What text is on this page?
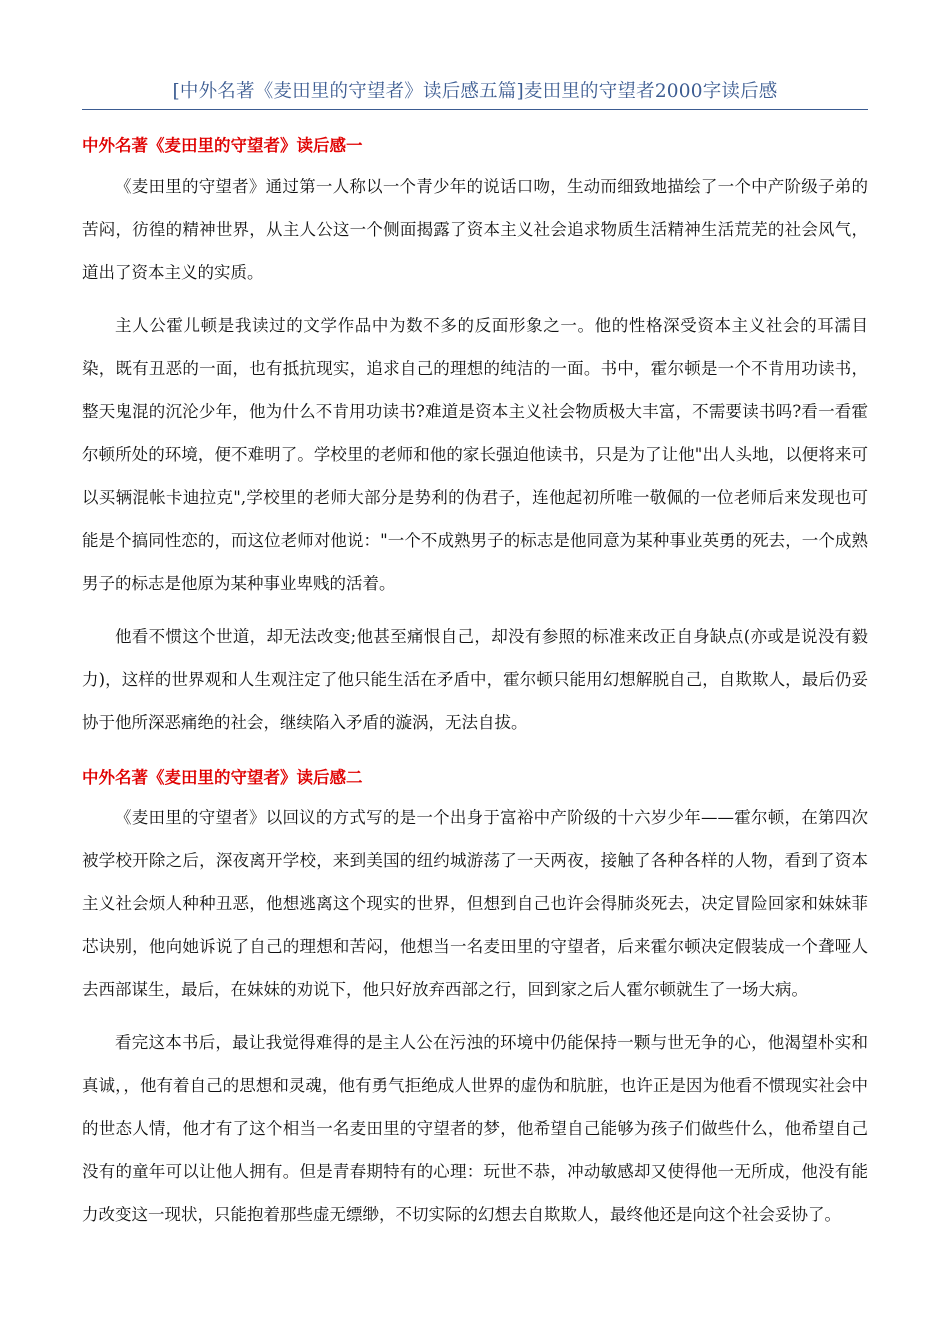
[中外名著《麦田里的守望者》读后感五篇]麦田里的守望者2000字读后感
中外名著《麦田里的守望者》读后感一

《麦田里的守望者》通过第一人称以一个青少年的说话口吻，生动而细致地描绘了一个中产阶级子弟的苦闷，彷徨的精神世界，从主人公这一个侧面揭露了资本主义社会追求物质生活精神生活荒芜的社会风气，道出了资本主义的实质。

主人公霍儿顿是我读过的文学作品中为数不多的反面形象之一。他的性格深受资本主义社会的耳濡目染，既有丑恶的一面，也有抵抗现实，追求自己的理想的纯洁的一面。书中，霍尔顿是一个不肯用功读书，整天鬼混的沉沦少年，他为什么不肯用功读书?难道是资本主义社会物质极大丰富，不需要读书吗?看一看霍尔顿所处的环境，便不难明了。学校里的老师和他的家长强迫他读书，只是为了让他"出人头地，以便将来可以买辆混帐卡迪拉克",学校里的老师大部分是势利的伪君子，连他起初所唯一敬佩的一位老师后来发现也可能是个搞同性恋的，而这位老师对他说："一个不成熟男子的标志是他同意为某种事业英勇的死去，一个成熟男子的标志是他原为某种事业卑贱的活着。

他看不惯这个世道，却无法改变;他甚至痛恨自己，却没有参照的标准来改正自身缺点(亦或是说没有毅力)，这样的世界观和人生观注定了他只能生活在矛盾中，霍尔顿只能用幻想解脱自己，自欺欺人，最后仍妥协于他所深恶痛绝的社会，继续陷入矛盾的漩涡，无法自拔。

中外名著《麦田里的守望者》读后感二

《麦田里的守望者》以回议的方式写的是一个出身于富裕中产阶级的十六岁少年——霍尔顿，在第四次被学校开除之后，深夜离开学校，来到美国的纽约城游荡了一天两夜，接触了各种各样的人物，看到了资本主义社会烦人种种丑恶，他想逃离这个现实的世界，但想到自己也许会得肺炎死去，决定冒险回家和妹妹菲芯诀别，他向她诉说了自己的理想和苦闷，他想当一名麦田里的守望者，后来霍尔顿决定假装成一个聋哑人去西部谋生，最后，在妹妹的劝说下，他只好放弃西部之行，回到家之后人霍尔顿就生了一场大病。

看完这本书后，最让我觉得难得的是主人公在污浊的环境中仍能保持一颗与世无争的心，他渴望朴实和真诚，，他有着自己的思想和灵魂，他有勇气拒绝成人世界的虚伪和肮脏，也许正是因为他看不惯现实社会中的世态人情，他才有了这个相当一名麦田里的守望者的梦，他希望自己能够为孩子们做些什么，他希望自己没有的童年可以让他人拥有。但是青春期特有的心理：玩世不恭，冲动敏感却又使得他一无所成，他没有能力改变这一现状，只能抱着那些虚无缥缈，不切实际的幻想去自欺欺人，最终他还是向这个社会妥协了。
